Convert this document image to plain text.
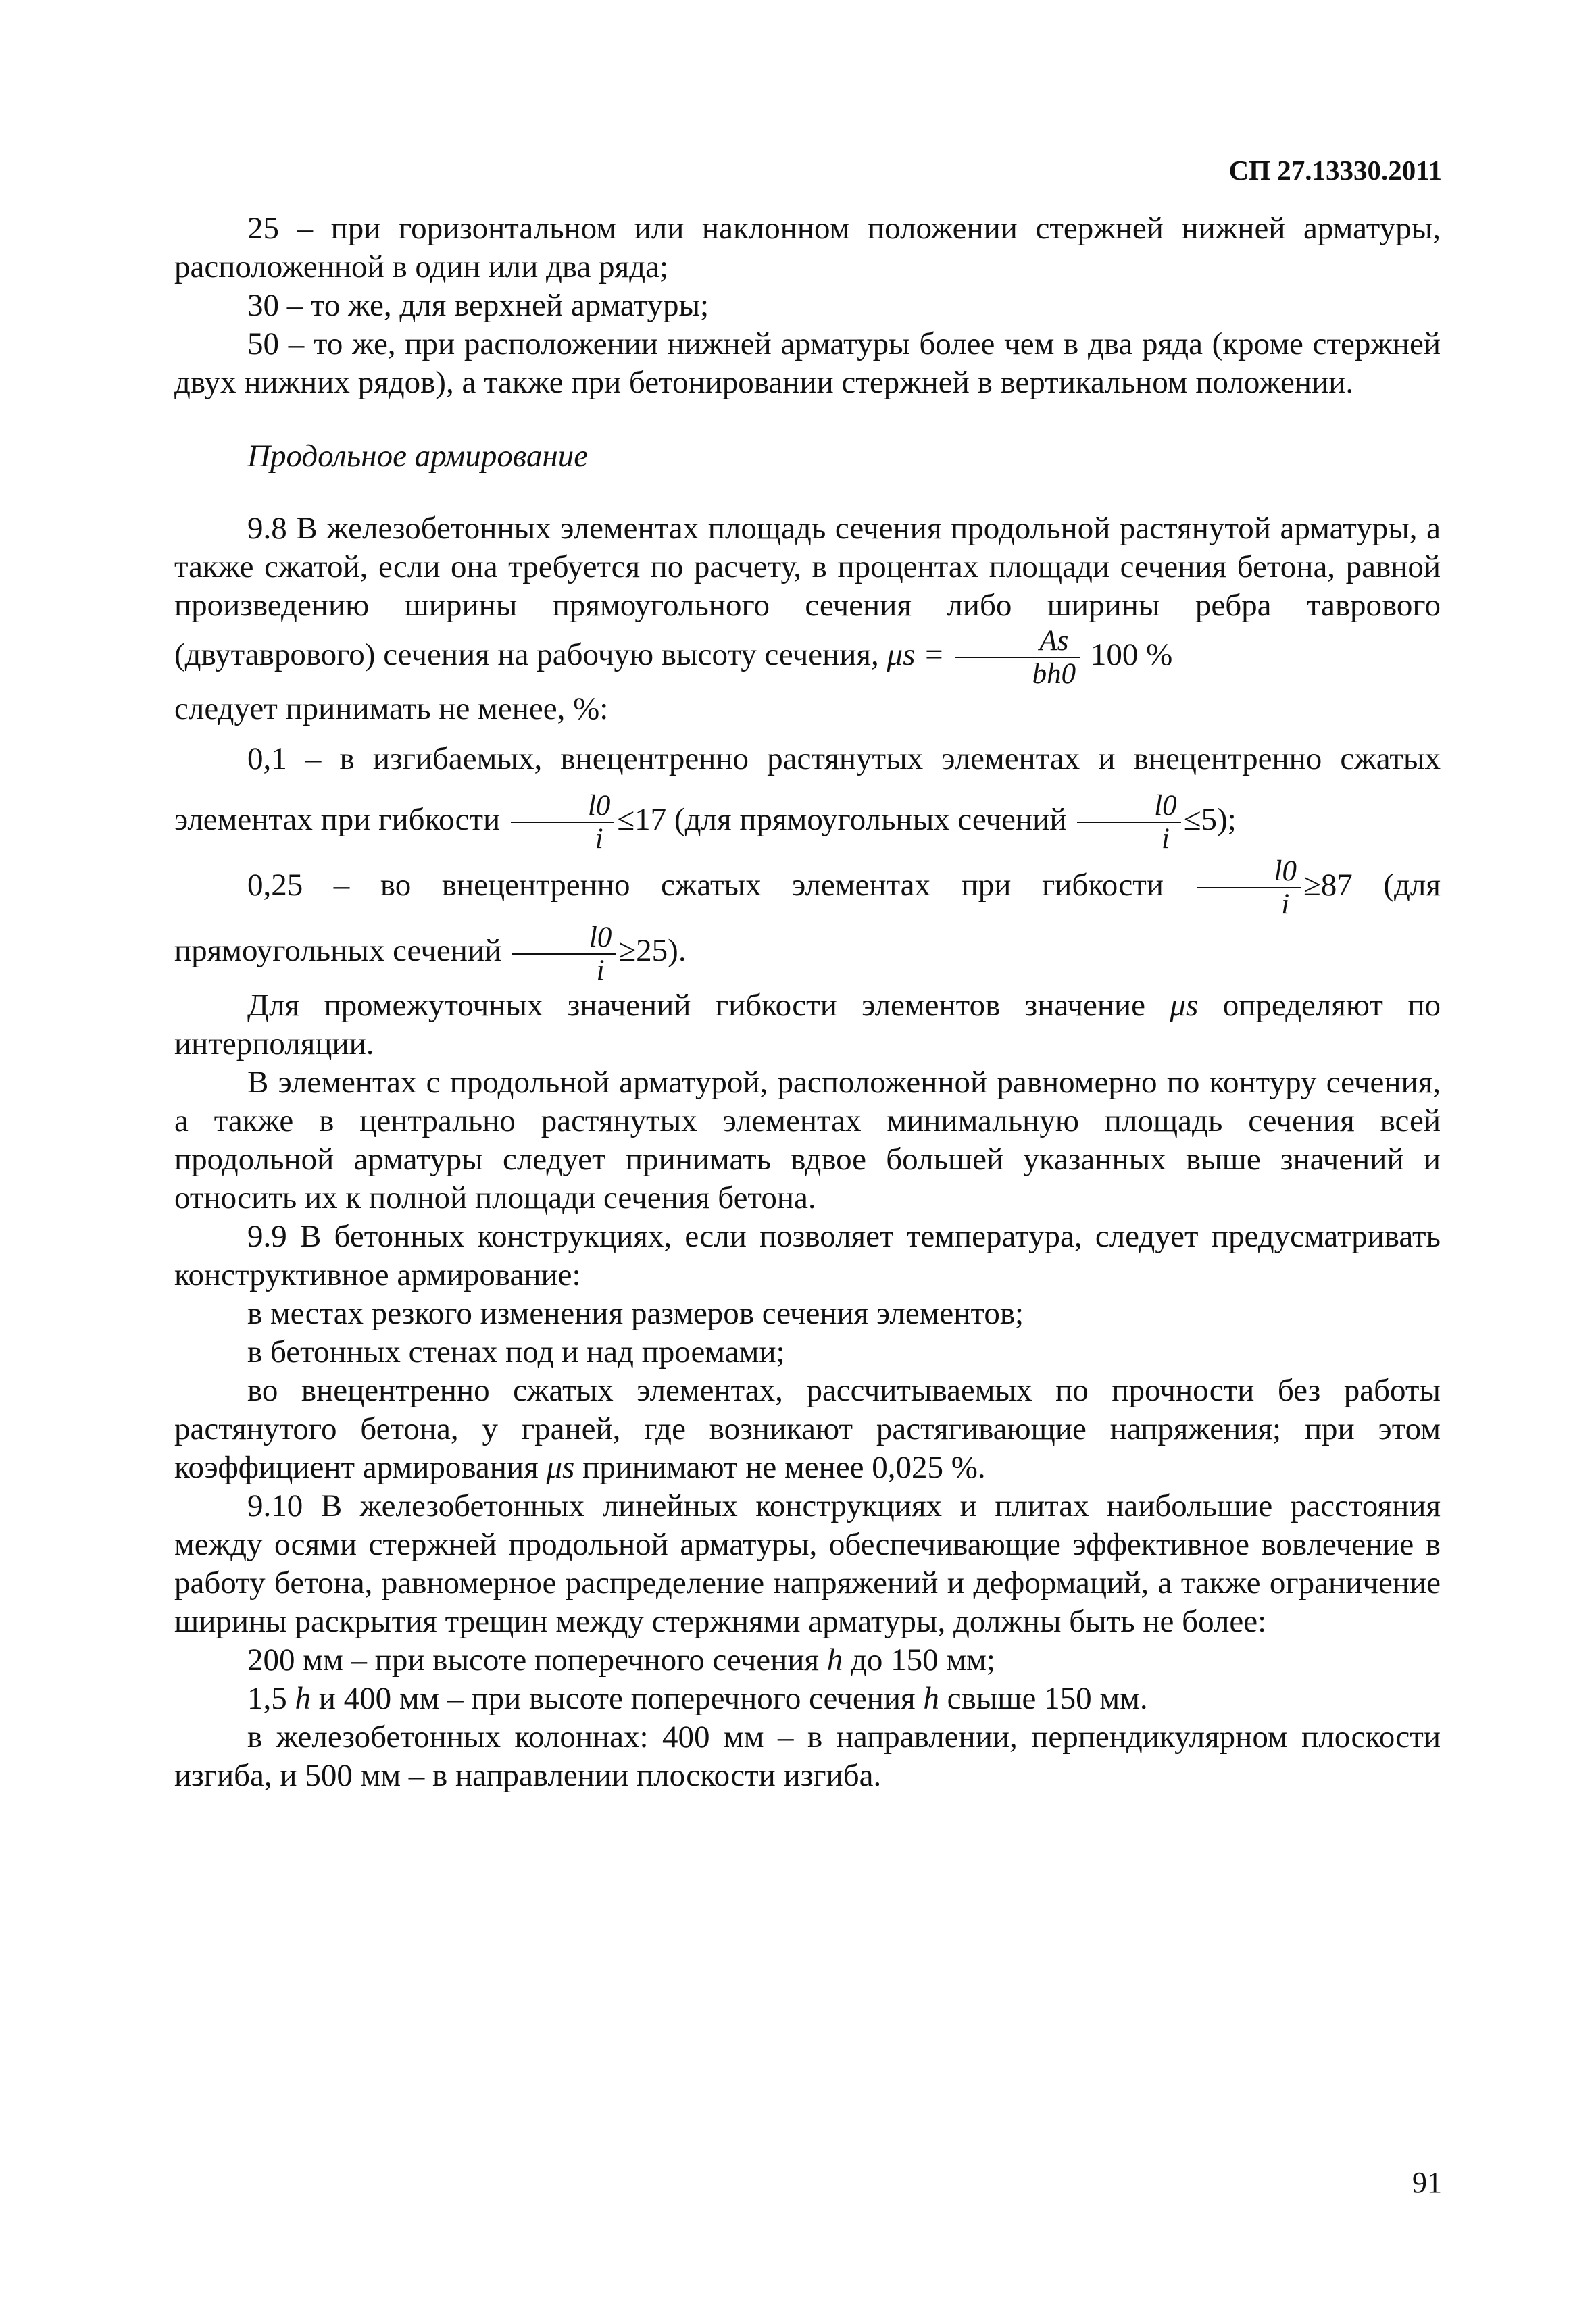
СП 27.13330.2011

25 – при горизонтальном или наклонном положении стержней нижней арматуры, расположенной в один или два ряда;

30 – то же, для верхней арматуры;

50 – то же, при расположении нижней арматуры более чем в два ряда (кроме стержней двух нижних рядов), а также при бетонировании стержней в вертикальном положении.

Продольное армирование

9.8 В железобетонных элементах площадь сечения продольной растянутой арматуры, а также сжатой, если она требуется по расчету, в процентах площади сечения бетона, равной произведению ширины прямоугольного сечения либо ширины ребра таврового (двутаврового) сечения на рабочую высоту сечения, $\mu s = \frac{As}{bh0} 100$ %

следует принимать не менее, %:

0,1 – в изгибаемых, внецентренно растянутых элементах и внецентренно сжатых элементах при гибкости $\frac{l0}{i} \le 17$ (для прямоугольных сечений $\frac{l0}{i} \le 5$);

0,25 – во внецентренно сжатых элементах при гибкости $\frac{l0}{i} \ge 87$ (для прямоугольных сечений $\frac{l0}{i} \ge 25$).

Для промежуточных значений гибкости элементов значение μs определяют по интерполяции.

В элементах с продольной арматурой, расположенной равномерно по контуру сечения, а также в центрально растянутых элементах минимальную площадь сечения всей продольной арматуры следует принимать вдвое большей указанных выше значений и относить их к полной площади сечения бетона.

9.9 В бетонных конструкциях, если позволяет температура, следует предусматривать конструктивное армирование:

в местах резкого изменения размеров сечения элементов;

в бетонных стенах под и над проемами;

во внецентренно сжатых элементах, рассчитываемых по прочности без работы растянутого бетона, у граней, где возникают растягивающие напряжения; при этом коэффициент армирования μs принимают не менее 0,025 %.

9.10 В железобетонных линейных конструкциях и плитах наибольшие расстояния между осями стержней продольной арматуры, обеспечивающие эффективное вовлечение в работу бетона, равномерное распределение напряжений и деформаций, а также ограничение ширины раскрытия трещин между стержнями арматуры, должны быть не более:

200 мм – при высоте поперечного сечения h до 150 мм;

1,5 h и 400 мм – при высоте поперечного сечения h свыше 150 мм.

в железобетонных колоннах: 400 мм – в направлении, перпендикулярном плоскости изгиба, и 500 мм – в направлении плоскости изгиба.

91
